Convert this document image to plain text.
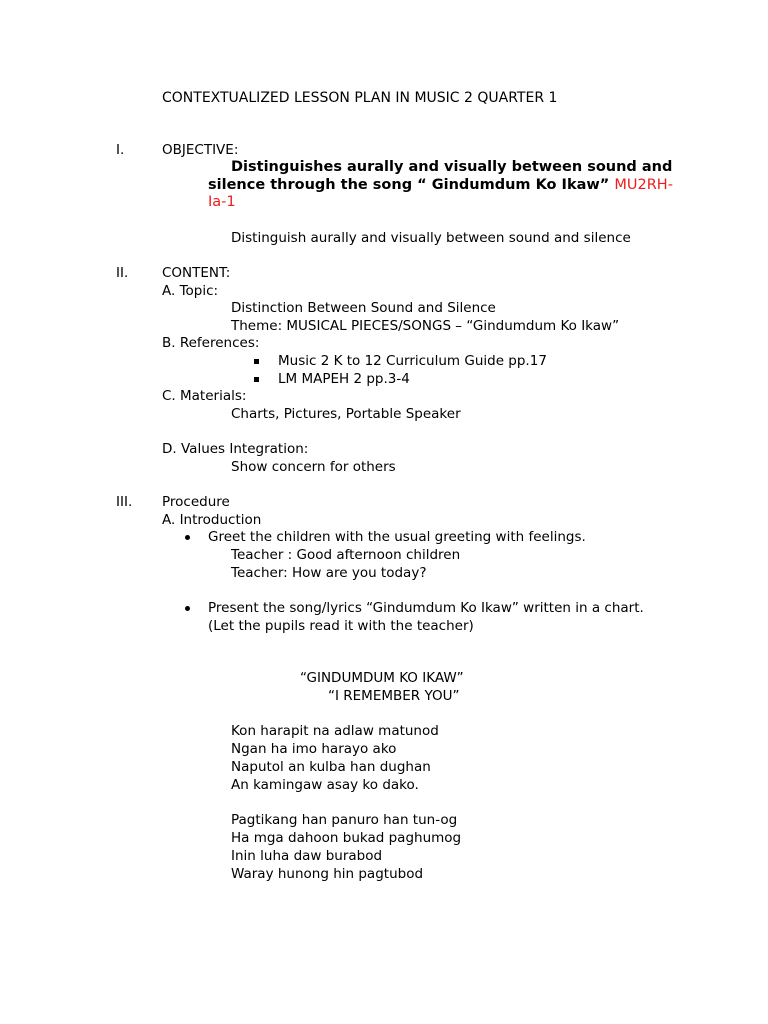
CONTEXTUALIZED LESSON PLAN IN MUSIC 2 QUARTER 1
I.	OBJECTIVE:
Distinguishes aurally and visually between sound and
silence through the song “ Gindumdum Ko Ikaw” MU2RH-
Ia-1
Distinguish aurally and visually between sound and silence
II. CONTENT:
A. Topic:
Distinction Between Sound and Silence
Theme: MUSICAL PIECES/SONGS – “Gindumdum Ko Ikaw”
B. References:
Music 2 K to 12 Curriculum Guide pp.17
LM MAPEH 2 pp.3-4
C. Materials:
Charts, Pictures, Portable Speaker
D. Values Integration:
Show concern for others
III. Procedure
A. Introduction
Greet the children with the usual greeting with feelings.
Teacher : Good afternoon children
Teacher: How are you today?
Present the song/lyrics “Gindumdum Ko Ikaw” written in a chart.
(Let the pupils read it with the teacher)
“GINDUMDUM KO IKAW”
“I REMEMBER YOU”
Kon harapit na adlaw matunod
Ngan ha imo harayo ako
Naputol an kulba han dughan
An kamingaw asay ko dako.
Pagtikang han panuro han tun-og
Ha mga dahoon bukad paghumog
Inin luha daw burabod
Waray hunong hin pagtubod
